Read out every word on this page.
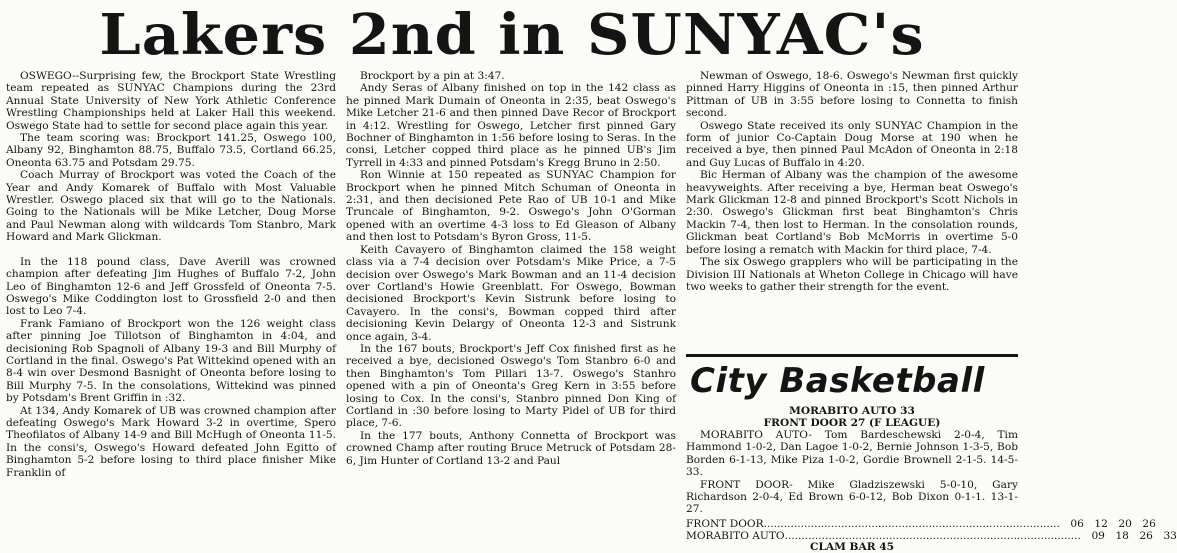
Lakers 2nd in SUNYAC's

OSWEGO--Surprising few, the Brockport State Wrestling team repeated as SUNYAC Champions during the 23rd Annual State University of New York Athletic Conference Wrestling Championships held at Laker Hall this weekend. Oswego State had to settle for second place again this year.

The team scoring was: Brockport 141.25, Oswego 100, Albany 92, Binghamton 88.75, Buffalo 73.5, Cortland 66.25, Oneonta 63.75 and Potsdam 29.75.

Coach Murray of Brockport was voted the Coach of the Year and Andy Komarek of Buffalo with Most Valuable Wrestler. Oswego placed six that will go to the Nationals. Going to the Nationals will be Mike Letcher, Doug Morse and Paul Newman along with wildcards Tom Stanbro, Mark Howard and Mark Glickman.

In the 118 pound class, Dave Averill was crowned champion after defeating Jim Hughes of Buffalo 7-2, John Leo of Binghamton 12-6 and Jeff Grossfeld of Oneonta 7-5. Oswego's Mike Coddington lost to Grossfield 2-0 and then lost to Leo 7-4.

Frank Famiano of Brockport won the 126 weight class after pinning Joe Tillotson of Binghamton in 4:04, and decisioning Rob Spagnoli of Albany 19-3 and Bill Murphy of Cortland in the final. Oswego's Pat Wittekind opened with an 8-4 win over Desmond Basnight of Oneonta before losing to Bill Murphy 7-5. In the consolations, Wittekind was pinned by Potsdam's Brent Griffin in :32.

At 134, Andy Komarek of UB was crowned champion after defeating Oswego's Mark Howard 3-2 in overtime, Spero Theofilatos of Albany 14-9 and Bill McHugh of Oneonta 11-5. In the consi's, Oswego's Howard defeated John Egitto of Binghamton 5-2 before losing to third place finisher Mike Franklin of

Brockport by a pin at 3:47.

Andy Seras of Albany finished on top in the 142 class as he pinned Mark Dumain of Oneonta in 2:35, beat Oswego's Mike Letcher 21-6 and then pinned Dave Recor of Brockport in 4:12. Wrestling for Oswego, Letcher first pinned Gary Bochner of Binghamton in 1:56 before losing to Seras. In the consi, Letcher copped third place as he pinned UB's Jim Tyrrell in 4:33 and pinned Potsdam's Kregg Bruno in 2:50.

Ron Winnie at 150 repeated as SUNYAC Champion for Brockport when he pinned Mitch Schuman of Oneonta in 2:31, and then decisioned Pete Rao of UB 10-1 and Mike Truncale of Binghamton, 9-2. Oswego's John O'Gorman opened with an overtime 4-3 loss to Ed Gleason of Albany and then lost to Potsdam's Byron Gross, 11-5.

Keith Cavayero of Binghamton claimed the 158 weight class via a 7-4 decision over Potsdam's Mike Price, a 7-5 decision over Oswego's Mark Bowman and an 11-4 decision over Cortland's Howie Greenblatt. For Oswego, Bowman decisioned Brockport's Kevin Sistrunk before losing to Cavayero. In the consi's, Bowman copped third after decisioning Kevin Delargy of Oneonta 12-3 and Sistrunk once again, 3-4.

In the 167 bouts, Brockport's Jeff Cox finished first as he received a bye, decisioned Oswego's Tom Stanbro 6-0 and then Binghamton's Tom Pillari 13-7. Oswego's Stanhro opened with a pin of Oneonta's Greg Kern in 3:55 before losing to Cox. In the consi's, Stanbro pinned Don King of Cortland in :30 before losing to Marty Pidel of UB for third place, 7-6.

In the 177 bouts, Anthony Connetta of Brockport was crowned Champ after routing Bruce Metruck of Potsdam 28-6, Jim Hunter of Cortland 13-2 and Paul

Newman of Oswego, 18-6. Oswego's Newman first quickly pinned Harry Higgins of Oneonta in :15, then pinned Arthur Pittman of UB in 3:55 before losing to Connetta to finish second.

Oswego State received its only SUNYAC Champion in the form of junior Co-Captain Doug Morse at 190 when he received a bye, then pinned Paul McAdon of Oneonta in 2:18 and Guy Lucas of Buffalo in 4:20.

Bic Herman of Albany was the champion of the awesome heavyweights. After receiving a bye, Herman beat Oswego's Mark Glickman 12-8 and pinned Brockport's Scott Nichols in 2:30. Oswego's Glickman first beat Binghamton's Chris Mackin 7-4, then lost to Herman. In the consolation rounds, Glickman beat Cortland's Bob McMorris in overtime 5-0 before losing a rematch with Mackin for third place, 7-4.

The six Oswego grapplers who will be participating in the Division III Nationals at Wheton College in Chicago will have two weeks to gather their strength for the event.

City Basketball
MORABITO AUTO 33
FRONT DOOR 27 (F LEAGUE)

MORABITO AUTO- Tom Bardeschewski 2-0-4, Tim Hammond 1-0-2, Dan Lagoe 1-0-2, Bernie Johnson 1-3-5, Bob Borden 6-1-13, Mike Piza 1-0-2, Gordie Brownell 2-1-5. 14-5-33.

FRONT DOOR- Mike Gladziszewski 5-0-10, Gary Richardson 2-0-4, Ed Brown 6-0-12, Bob Dixon 0-1-1. 13-1-27.

FRONT DOOR .....	06 12 20 26
MORABITO AUTO .....	09 18 26 33
CLAM BAR 45
